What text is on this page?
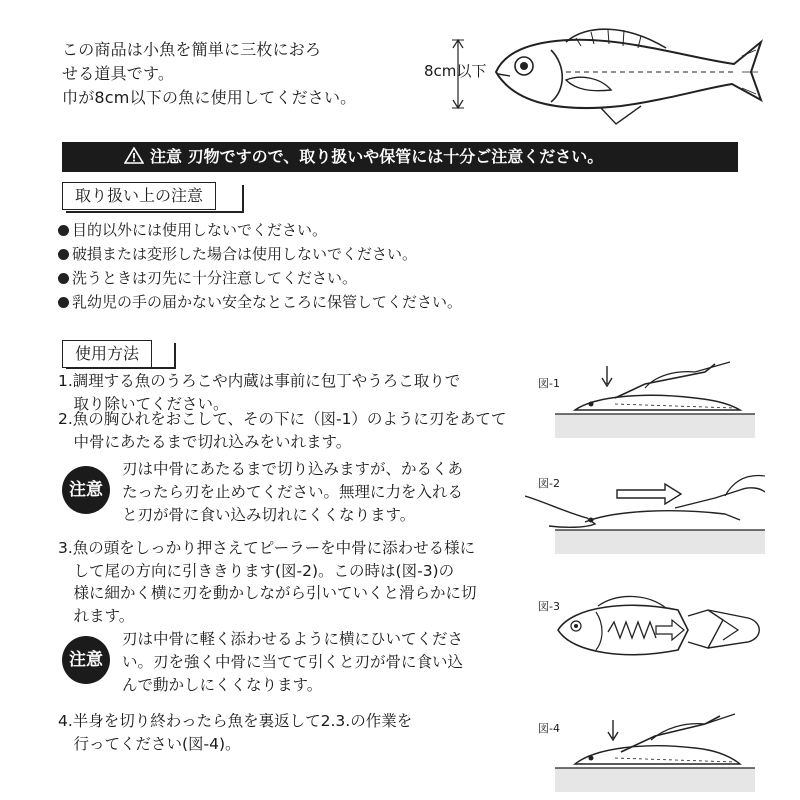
この商品は小魚を簡単に三枚におろ
せる道具です。
巾が8cm以下の魚に使用してください。
8cm以下
注意 刃物ですので、取り扱いや保管には十分ご注意ください。
取り扱い上の注意
目的以外には使用しないでください。
破損または変形した場合は使用しないでください。
洗うときは刃先に十分注意してください。
乳幼児の手の届かない安全なところに保管してください。
使用方法
1.調理する魚のうろこや内蔵は事前に包丁やうろこ取りで
　取り除いてください。
2.魚の胸ひれをおこして、その下に（図-1）のように刃をあてて
　中骨にあたるまで切れ込みをいれます。
注意
刃は中骨にあたるまで切り込みますが、かるくあ
たったら刃を止めてください。無理に力を入れる
と刃が骨に食い込み切れにくくなります。
3.魚の頭をしっかり押さえてピーラーを中骨に添わせる様に
　して尾の方向に引ききります(図-2)。この時は(図-3)の
　様に細かく横に刃を動かしながら引いていくと滑らかに切
　れます。
注意
刃は中骨に軽く添わせるように横にひいてくださ
い。刃を強く中骨に当てて引くと刃が骨に食い込
んで動かしにくくなります。
4.半身を切り終わったら魚を裏返して2.3.の作業を
　行ってください(図-4)。
図-1
図-2
図-3
図-4
